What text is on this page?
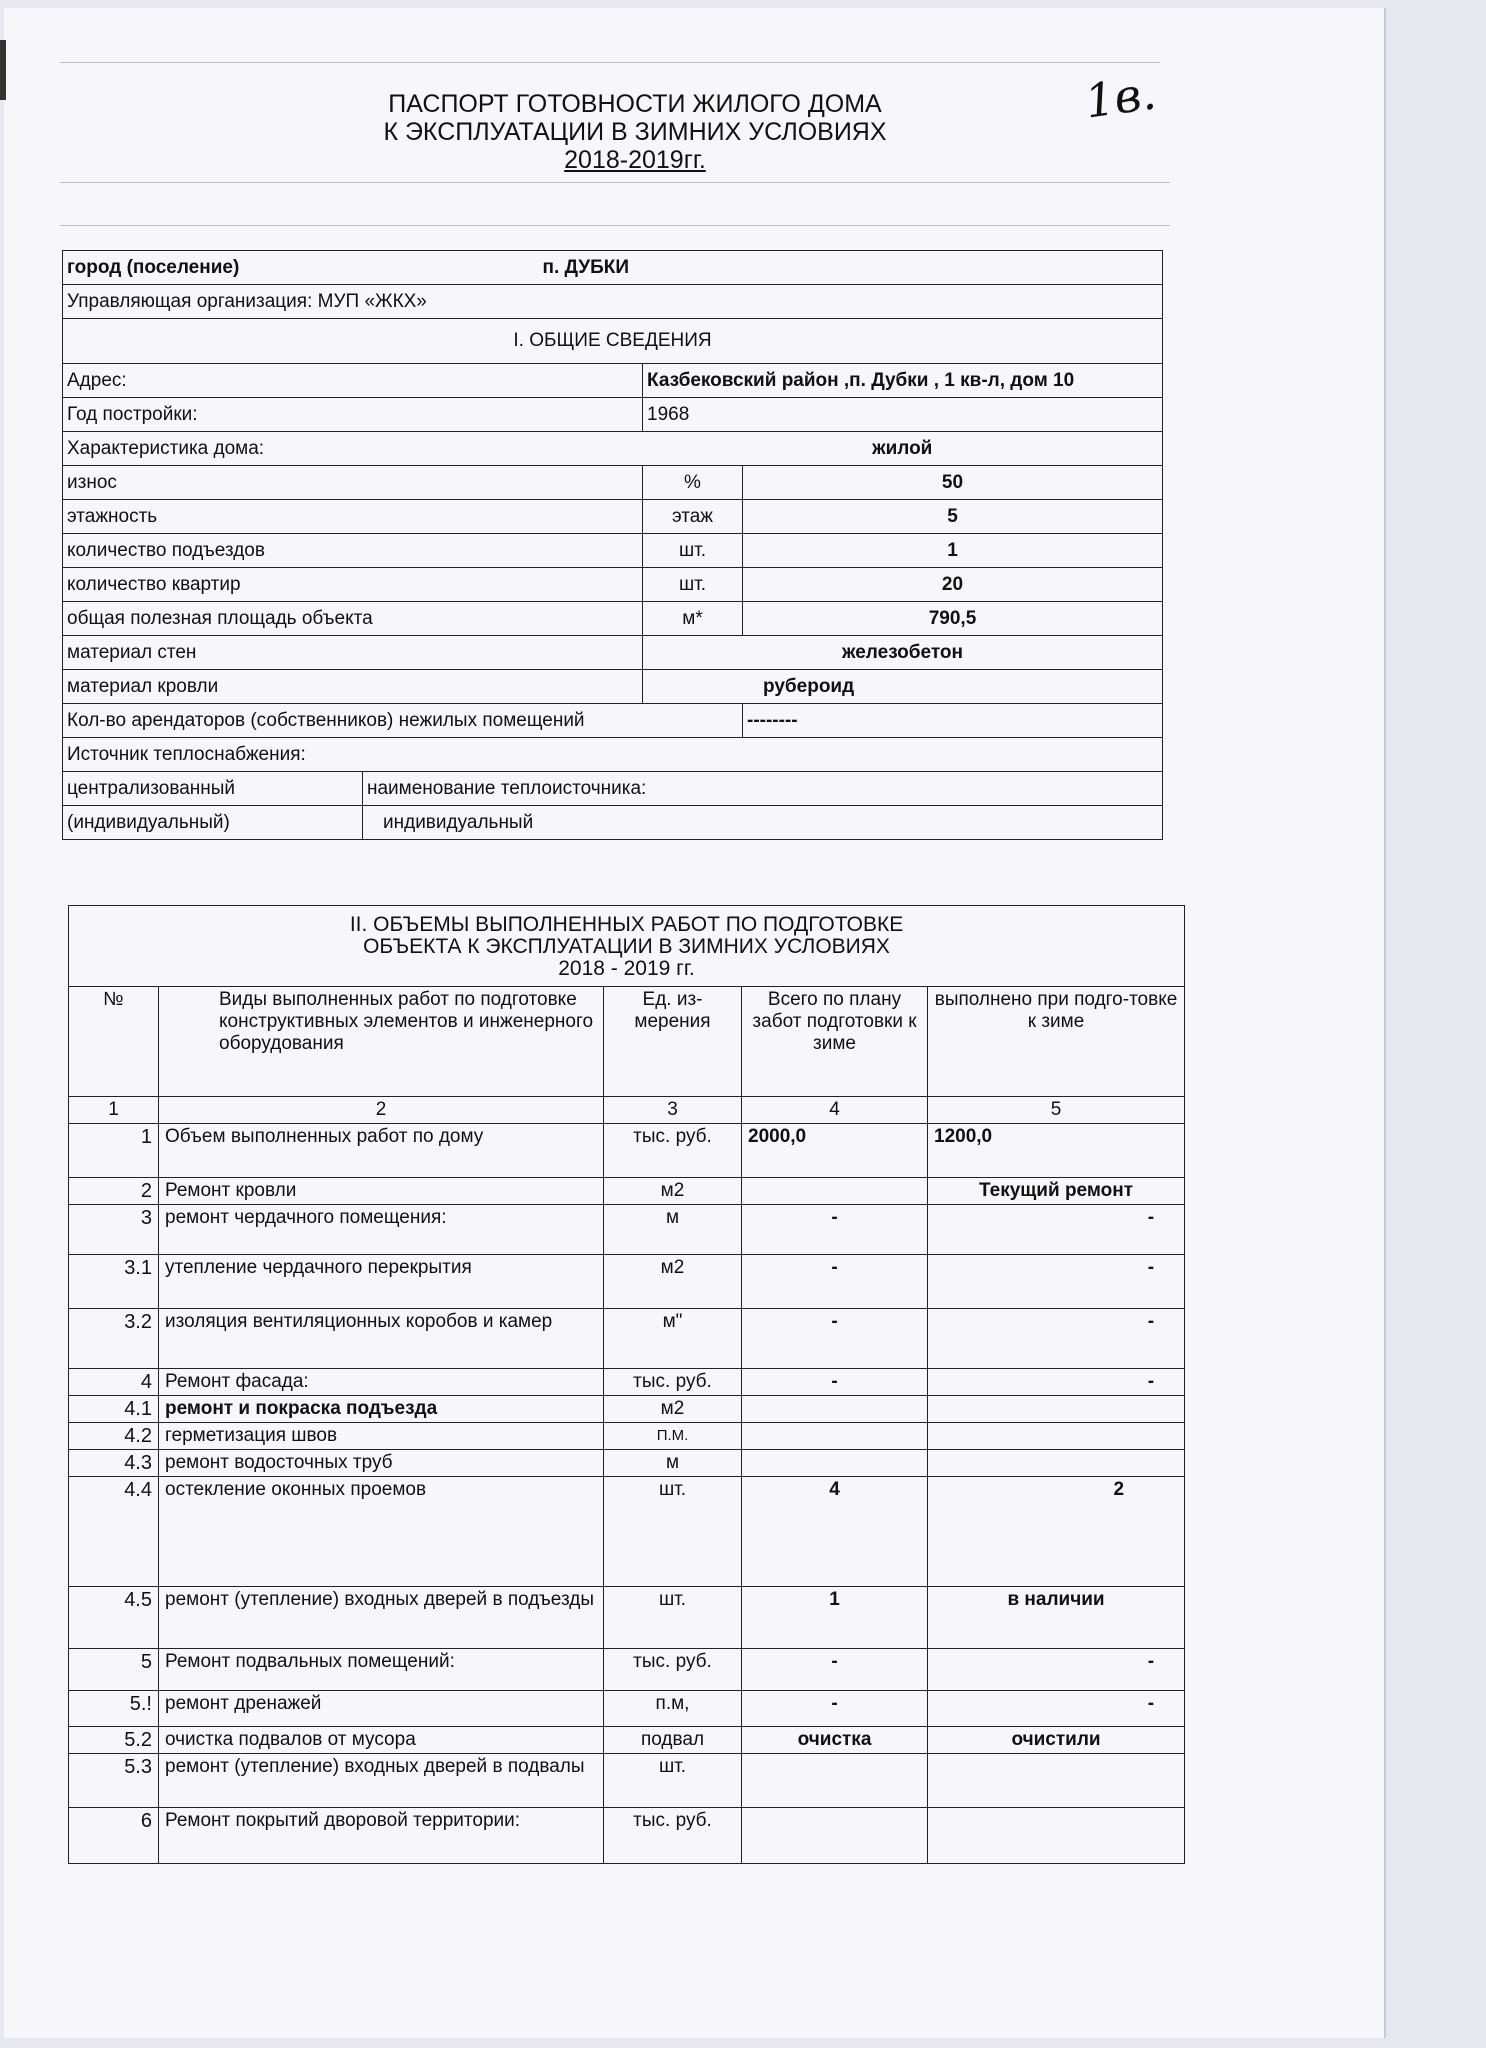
ПАСПОРТ ГОТОВНОСТИ ЖИЛОГО ДОМА
К ЭКСПЛУАТАЦИИ В ЗИМНИХ УСЛОВИЯХ
2018-2019гг.
1в.
город (поселение)		п. ДУБКИ	
Управляющая организация: МУП «ЖКХ»			
I. ОБЩИЕ СВЕДЕНИЯ			
Адрес:		Казбековский район ,п. Дубки , 1 кв-л, дом 10	
Год постройки:		1968	
Характеристика дома:		жилой	
износ		%	50
этажность		этаж	5
количество подъездов		шт.	1
количество квартир		шт.	20
общая полезная площадь объекта		м*	790,5
материал стен		железобетон	
материал кровли		рубероид	
Кол-во арендаторов (собственников) нежилых помещений			--------
Источник теплоснабжения:			
централизованный	наименование теплоисточника:		
(индивидуальный)	индивидуальный		
II. ОБЪЕМЫ ВЫПОЛНЕННЫХ РАБОТ ПО ПОДГОТОВКЕ
ОБЪЕКТА К ЭКСПЛУАТАЦИИ В ЗИМНИХ УСЛОВИЯХ
2018 - 2019 гг.				

№	Виды выполненных работ по подготовке конструктивных элементов и инженерного оборудования	Ед. из-мерения	Всего по плану забот подготовки к зиме	выполнено при подго-товке к зиме
1	2	3	4	5
1	Объем выполненных работ по дому	тыс. руб.	2000,0	1200,0
2	Ремонт кровли	м2		Текущий ремонт
3	ремонт чердачного помещения:	м	-	-
3.1	утепление чердачного перекрытия	м2	-	-
3.2	изоляция вентиляционных коробов и камер	м"	-	-
4	Ремонт фасада:	тыс. руб.	-	-
4.1	ремонт и покраска подъезда	м2		
4.2	герметизация швов	П.М.		
4.3	ремонт водосточных труб	м		
4.4	остекление оконных проемов	шт.	4	2
4.5	ремонт (утепление) входных дверей в подъезды	шт.	1	в наличии
5	Ремонт подвальных помещений:	тыс. руб.	-	-
5.!	ремонт дренажей	п.м,	-	-
5.2	очистка подвалов от мусора	подвал	очистка	очистили
5.3	ремонт (утепление) входных дверей в подвалы	шт.		
6	Ремонт покрытий дворовой территории:	тыс. руб.		
